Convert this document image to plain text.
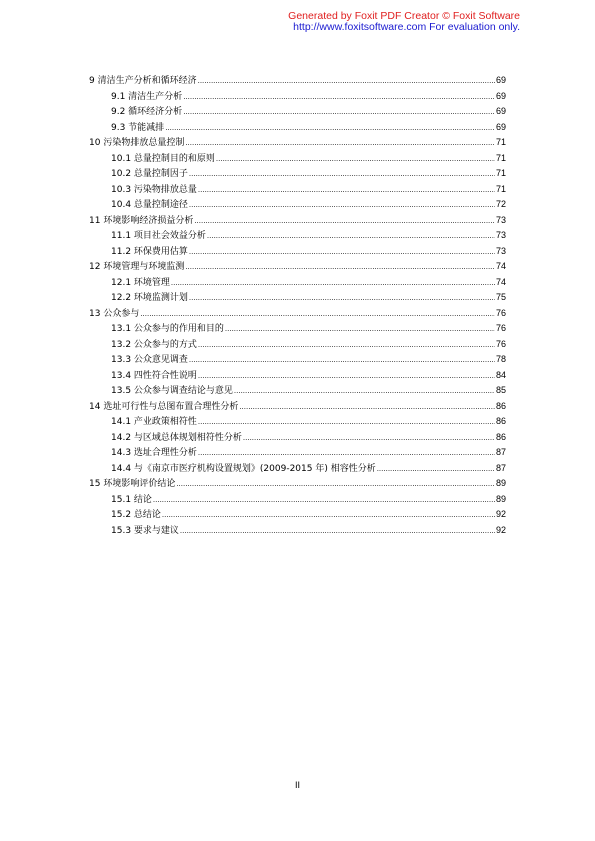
Generated by Foxit PDF Creator © Foxit Software
http://www.foxitsoftware.com For evaluation only.
9 清洁生产分析和循环经济 .....	69
9.1 清洁生产分析 .....	69
9.2 循环经济分析 .....	69
9.3 节能减排 .....	69
10 污染物排放总量控制 .....	71
10.1 总量控制目的和原则 .....	71
10.2 总量控制因子 .....	71
10.3 污染物排放总量 .....	71
10.4 总量控制途径 .....	72
11 环境影响经济损益分析 .....	73
11.1 项目社会效益分析 .....	73
11.2 环保费用估算 .....	73
12 环境管理与环境监测 .....	74
12.1 环境管理 .....	74
12.2 环境监测计划 .....	75
13 公众参与 .....	76
13.1 公众参与的作用和目的 .....	76
13.2 公众参与的方式 .....	76
13.3 公众意见调查 .....	78
13.4 四性符合性说明 .....	84
13.5 公众参与调查结论与意见 .....	85
14 选址可行性与总图布置合理性分析 .....	86
14.1 产业政策相符性 .....	86
14.2 与区域总体规划相符性分析 .....	86
14.3 选址合理性分析 .....	87
14.4 与《南京市医疗机构设置规划》(2009-2015 年) 相容性分析 .....	87
15 环境影响评价结论 .....	89
15.1 结论 .....	89
15.2 总结论 .....	92
15.3 要求与建议 .....	92
II
